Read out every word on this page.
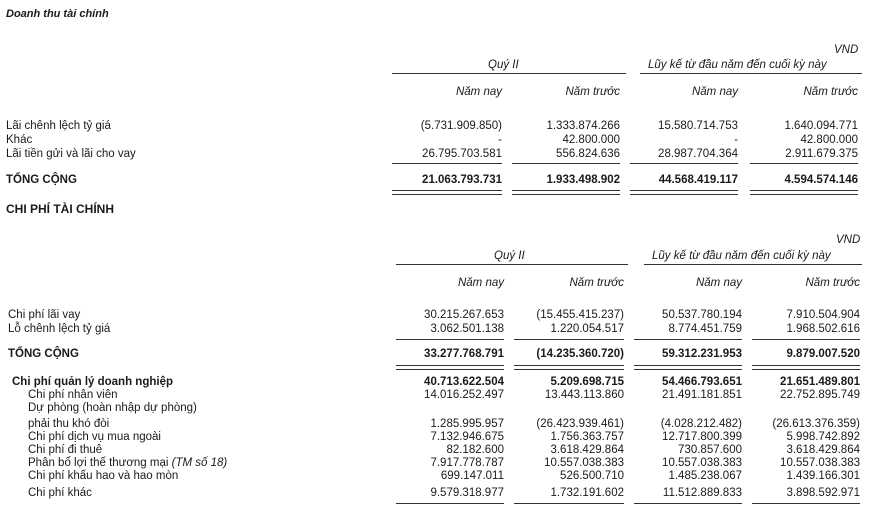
Doanh thu tài chính
VND
Quý II	Lũy kế từ đầu năm đến cuối kỳ này
Năm nay	Năm trước	Năm nay	Năm trước
Lãi chênh lệch tỷ giá	(5.731.909.850)	1.333.874.266	15.580.714.753	1.640.094.771
Khác	-	42.800.000	-	42.800.000
Lãi tiền gửi và lãi cho vay	26.795.703.581	556.824.636	28.987.704.364	2.911.679.375
TỔNG CỘNG	21.063.793.731	1.933.498.902	44.568.419.117	4.594.574.146
CHI PHÍ TÀI CHÍNH
VND
Quý II	Lũy kế từ đầu năm đến cuối kỳ này
Năm nay	Năm trước	Năm nay	Năm trước
Chi phí lãi vay	30.215.267.653	(15.455.415.237)	50.537.780.194	7.910.504.904
Lỗ chênh lệch tỷ giá	3.062.501.138	1.220.054.517	8.774.451.759	1.968.502.616
TỔNG CỘNG	33.277.768.791	(14.235.360.720)	59.312.231.953	9.879.007.520
Chi phí quản lý doanh nghiệp	40.713.622.504	5.209.698.715	54.466.793.651	21.651.489.801
Chi phí nhân viên	14.016.252.497	13.443.113.860	21.491.181.851	22.752.895.749
Dự phòng (hoàn nhập dự phòng)
phải thu khó đòi	1.285.995.957	(26.423.939.461)	(4.028.212.482)	(26.613.376.359)
Chi phí dịch vụ mua ngoài	7.132.946.675	1.756.363.757	12.717.800.399	5.998.742.892
Chi phí đi thuê	82.182.600	3.618.429.864	730.857.600	3.618.429.864
Phân bổ lợi thế thương mại (TM số 18)	7.917.778.787	10.557.038.383	10.557.038.383	10.557.038.383
Chi phí khấu hao và hao mòn	699.147.011	526.500.710	1.485.238.067	1.439.166.301
Chi phí khác	9.579.318.977	1.732.191.602	11.512.889.833	3.898.592.971
